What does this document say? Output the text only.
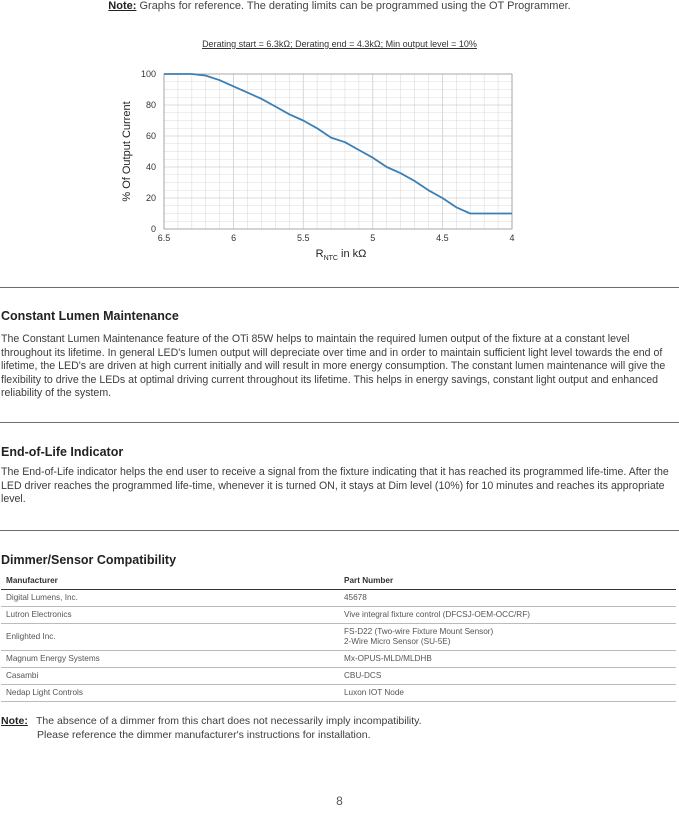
Note: Graphs for reference. The derating limits can be programmed using the OT Programmer.
Derating start = 6.3kΩ; Derating end = 4.3kΩ; Min output level = 10%
6.5	6	5.5	5	4.5	4
0
20
40
60
80
100
% Of Output Current
$R_{NTC}$ in kΩ
Constant Lumen Maintenance

The Constant Lumen Maintenance feature of the OTi 85W helps to maintain the required lumen output of the fixture at a constant level throughout its lifetime. In general LED's lumen output will depreciate over time and in order to maintain sufficient light level towards the end of lifetime, the LED's are driven at high current initially and will result in more energy consumption. The constant lumen maintenance will give the flexibility to drive the LEDs at optimal driving current throughout its lifetime. This helps in energy savings, constant light output and enhanced reliability of the system.

End-of-Life Indicator

The End-of-Life indicator helps the end user to receive a signal from the fixture indicating that it has reached its programmed life-time. After the LED driver reaches the programmed life-time, whenever it is turned ON, it stays at Dim level (10%) for 10 minutes and reaches its appropriate level.

Dimmer/Sensor Compatibility
Manufacturer	Part Number
Digital Lumens, Inc.	45678
Lutron Electronics	Vive integral fixture control (DFCSJ-OEM-OCC/RF)
Enlighted Inc.	FS-D22 (Two-wire Fixture Mount Sensor)
2-Wire Micro Sensor (SU-5E)

Magnum Energy Systems	Mx-OPUS-MLD/MLDHB
Casambi	CBU-DCS
Nedap Light Controls	Luxon IOT Node
Note: The absence of a dimmer from this chart does not necessarily imply incompatibility.
Please reference the dimmer manufacturer's instructions for installation.
8
